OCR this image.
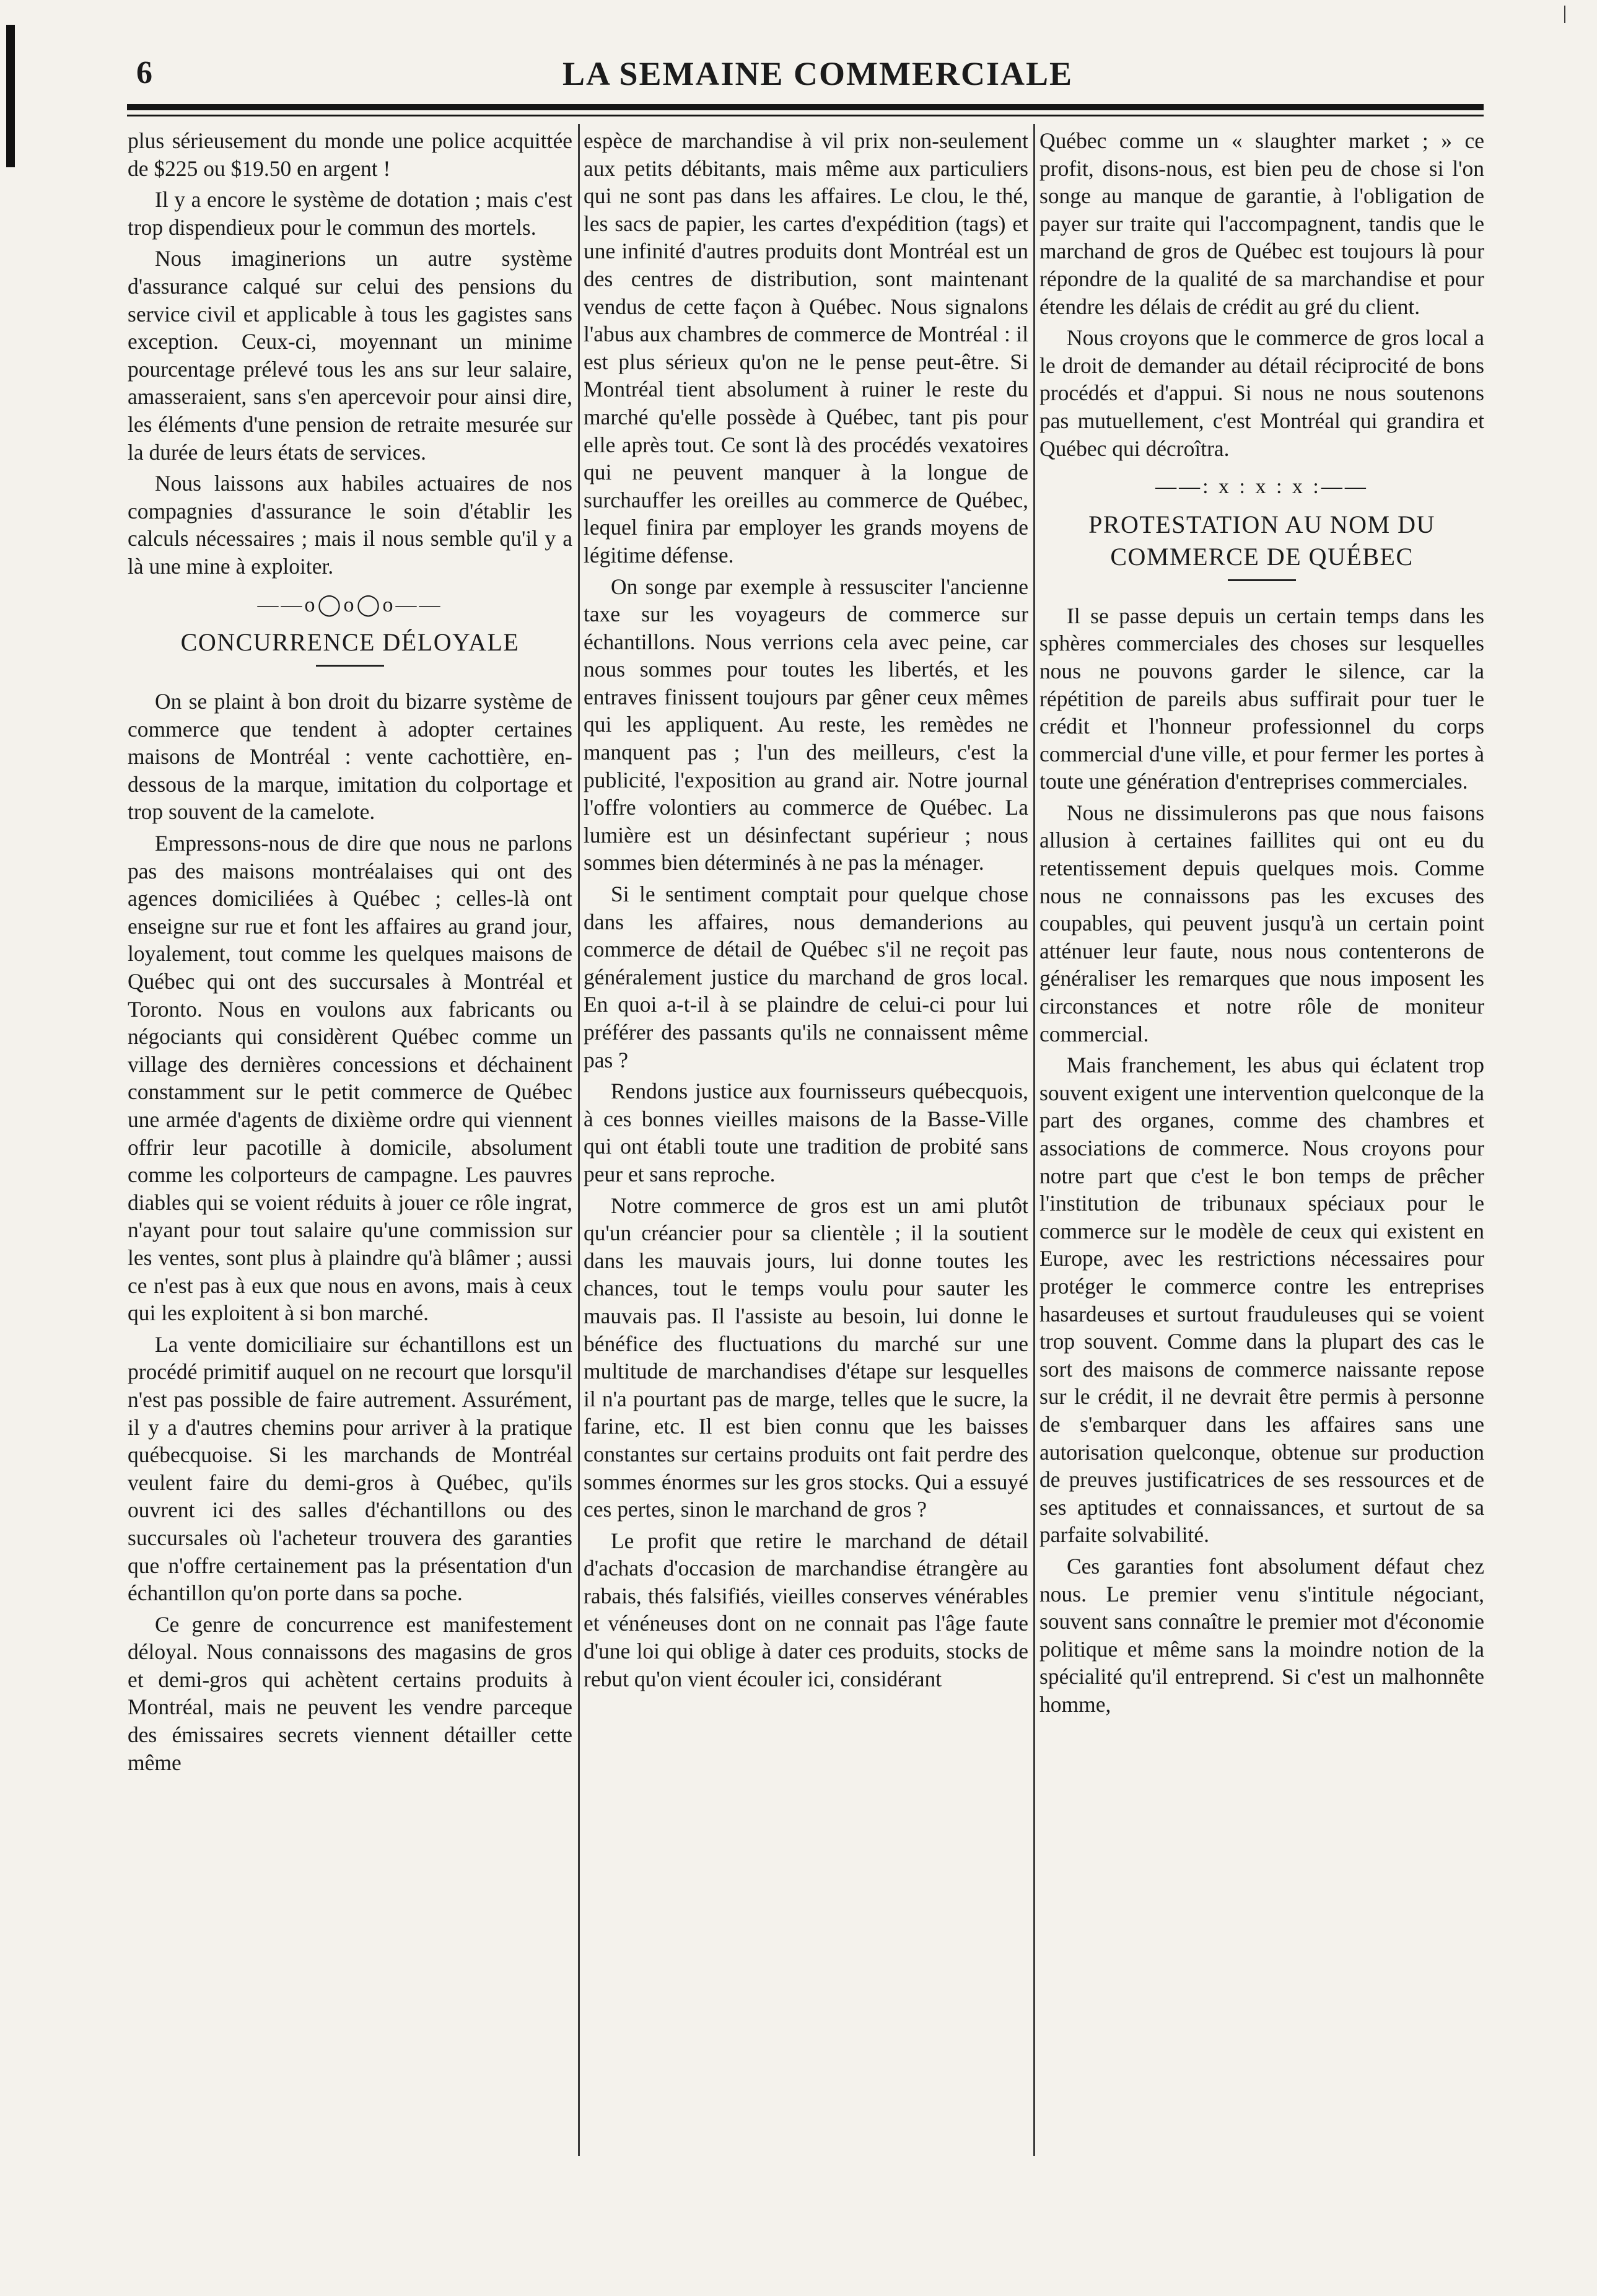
6	LA SEMAINE COMMERCIALE

plus sérieusement du monde une police acquittée de $225 ou $19.50 en argent !

Il y a encore le système de dotation ; mais c'est trop dispendieux pour le commun des mortels.

Nous imaginerions un autre système d'assurance calqué sur celui des pensions du service civil et applicable à tous les gagistes sans exception. Ceux-ci, moyennant un minime pourcentage prélevé tous les ans sur leur salaire, amasseraient, sans s'en apercevoir pour ainsi dire, les éléments d'une pension de retraite mesurée sur la durée de leurs états de services.

Nous laissons aux habiles actuaires de nos compagnies d'assurance le soin d'établir les calculs nécessaires ; mais il nous semble qu'il y a là une mine à exploiter.

——o◯o◯o——
CONCURRENCE DÉLOYALE

On se plaint à bon droit du bizarre système de commerce que tendent à adopter certaines maisons de Montréal : vente cachottière, en-dessous de la marque, imitation du colportage et trop souvent de la camelote.

Empressons-nous de dire que nous ne parlons pas des maisons montréalaises qui ont des agences domiciliées à Québec ; celles-là ont enseigne sur rue et font les affaires au grand jour, loyalement, tout comme les quelques maisons de Québec qui ont des succursales à Montréal et Toronto. Nous en voulons aux fabricants ou négociants qui considèrent Québec comme un village des dernières concessions et déchainent constamment sur le petit commerce de Québec une armée d'agents de dixième ordre qui viennent offrir leur pacotille à domicile, absolument comme les colporteurs de campagne. Les pauvres diables qui se voient réduits à jouer ce rôle ingrat, n'ayant pour tout salaire qu'une commission sur les ventes, sont plus à plaindre qu'à blâmer ; aussi ce n'est pas à eux que nous en avons, mais à ceux qui les exploitent à si bon marché.

La vente domiciliaire sur échantillons est un procédé primitif auquel on ne recourt que lorsqu'il n'est pas possible de faire autrement. Assurément, il y a d'autres chemins pour arriver à la pratique québecquoise. Si les marchands de Montréal veulent faire du demi-gros à Québec, qu'ils ouvrent ici des salles d'échantillons ou des succursales où l'acheteur trouvera des garanties que n'offre certainement pas la présentation d'un échantillon qu'on porte dans sa poche.

Ce genre de concurrence est manifestement déloyal. Nous connaissons des magasins de gros et demi-gros qui achètent certains produits à Montréal, mais ne peuvent les vendre parceque des émissaires secrets viennent détailler cette même

espèce de marchandise à vil prix non-seulement aux petits débitants, mais même aux particuliers qui ne sont pas dans les affaires. Le clou, le thé, les sacs de papier, les cartes d'expédition (tags) et une infinité d'autres produits dont Montréal est un des centres de distribution, sont maintenant vendus de cette façon à Québec. Nous signalons l'abus aux chambres de commerce de Montréal : il est plus sérieux qu'on ne le pense peut-être. Si Montréal tient absolument à ruiner le reste du marché qu'elle possède à Québec, tant pis pour elle après tout. Ce sont là des procédés vexatoires qui ne peuvent manquer à la longue de surchauffer les oreilles au commerce de Québec, lequel finira par employer les grands moyens de légitime défense.

On songe par exemple à ressusciter l'ancienne taxe sur les voyageurs de commerce sur échantillons. Nous verrions cela avec peine, car nous sommes pour toutes les libertés, et les entraves finissent toujours par gêner ceux mêmes qui les appliquent. Au reste, les remèdes ne manquent pas ; l'un des meilleurs, c'est la publicité, l'exposition au grand air. Notre journal l'offre volontiers au commerce de Québec. La lumière est un désinfectant supérieur ; nous sommes bien déterminés à ne pas la ménager.

Si le sentiment comptait pour quelque chose dans les affaires, nous demanderions au commerce de détail de Québec s'il ne reçoit pas généralement justice du marchand de gros local. En quoi a-t-il à se plaindre de celui-ci pour lui préférer des passants qu'ils ne connaissent même pas ?

Rendons justice aux fournisseurs québecquois, à ces bonnes vieilles maisons de la Basse-Ville qui ont établi toute une tradition de probité sans peur et sans reproche.

Notre commerce de gros est un ami plutôt qu'un créancier pour sa clientèle ; il la soutient dans les mauvais jours, lui donne toutes les chances, tout le temps voulu pour sauter les mauvais pas. Il l'assiste au besoin, lui donne le bénéfice des fluctuations du marché sur une multitude de marchandises d'étape sur lesquelles il n'a pourtant pas de marge, telles que le sucre, la farine, etc. Il est bien connu que les baisses constantes sur certains produits ont fait perdre des sommes énormes sur les gros stocks. Qui a essuyé ces pertes, sinon le marchand de gros ?

Le profit que retire le marchand de détail d'achats d'occasion de marchandise étrangère au rabais, thés falsifiés, vieilles conserves vénérables et vénéneuses dont on ne connait pas l'âge faute d'une loi qui oblige à dater ces produits, stocks de rebut qu'on vient écouler ici, considérant

Québec comme un « slaughter market ; » ce profit, disons-nous, est bien peu de chose si l'on songe au manque de garantie, à l'obligation de payer sur traite qui l'accompagnent, tandis que le marchand de gros de Québec est toujours là pour répondre de la qualité de sa marchandise et pour étendre les délais de crédit au gré du client.

Nous croyons que le commerce de gros local a le droit de demander au détail réciprocité de bons procédés et d'appui. Si nous ne nous soutenons pas mutuellement, c'est Montréal qui grandira et Québec qui décroîtra.

——: x : x : x :——
PROTESTATION AU NOM DU COMMERCE DE QUÉBEC

Il se passe depuis un certain temps dans les sphères commerciales des choses sur lesquelles nous ne pouvons garder le silence, car la répétition de pareils abus suffirait pour tuer le crédit et l'honneur professionnel du corps commercial d'une ville, et pour fermer les portes à toute une génération d'entreprises commerciales.

Nous ne dissimulerons pas que nous faisons allusion à certaines faillites qui ont eu du retentissement depuis quelques mois. Comme nous ne connaissons pas les excuses des coupables, qui peuvent jusqu'à un certain point atténuer leur faute, nous nous contenterons de généraliser les remarques que nous imposent les circonstances et notre rôle de moniteur commercial.

Mais franchement, les abus qui éclatent trop souvent exigent une intervention quelconque de la part des organes, comme des chambres et associations de commerce. Nous croyons pour notre part que c'est le bon temps de prêcher l'institution de tribunaux spéciaux pour le commerce sur le modèle de ceux qui existent en Europe, avec les restrictions nécessaires pour protéger le commerce contre les entreprises hasardeuses et surtout frauduleuses qui se voient trop souvent. Comme dans la plupart des cas le sort des maisons de commerce naissante repose sur le crédit, il ne devrait être permis à personne de s'embarquer dans les affaires sans une autorisation quelconque, obtenue sur production de preuves justificatrices de ses ressources et de ses aptitudes et connaissances, et surtout de sa parfaite solvabilité.

Ces garanties font absolument défaut chez nous. Le premier venu s'intitule négociant, souvent sans connaître le premier mot d'économie politique et même sans la moindre notion de la spécialité qu'il entreprend. Si c'est un malhonnête homme,

ǀ
